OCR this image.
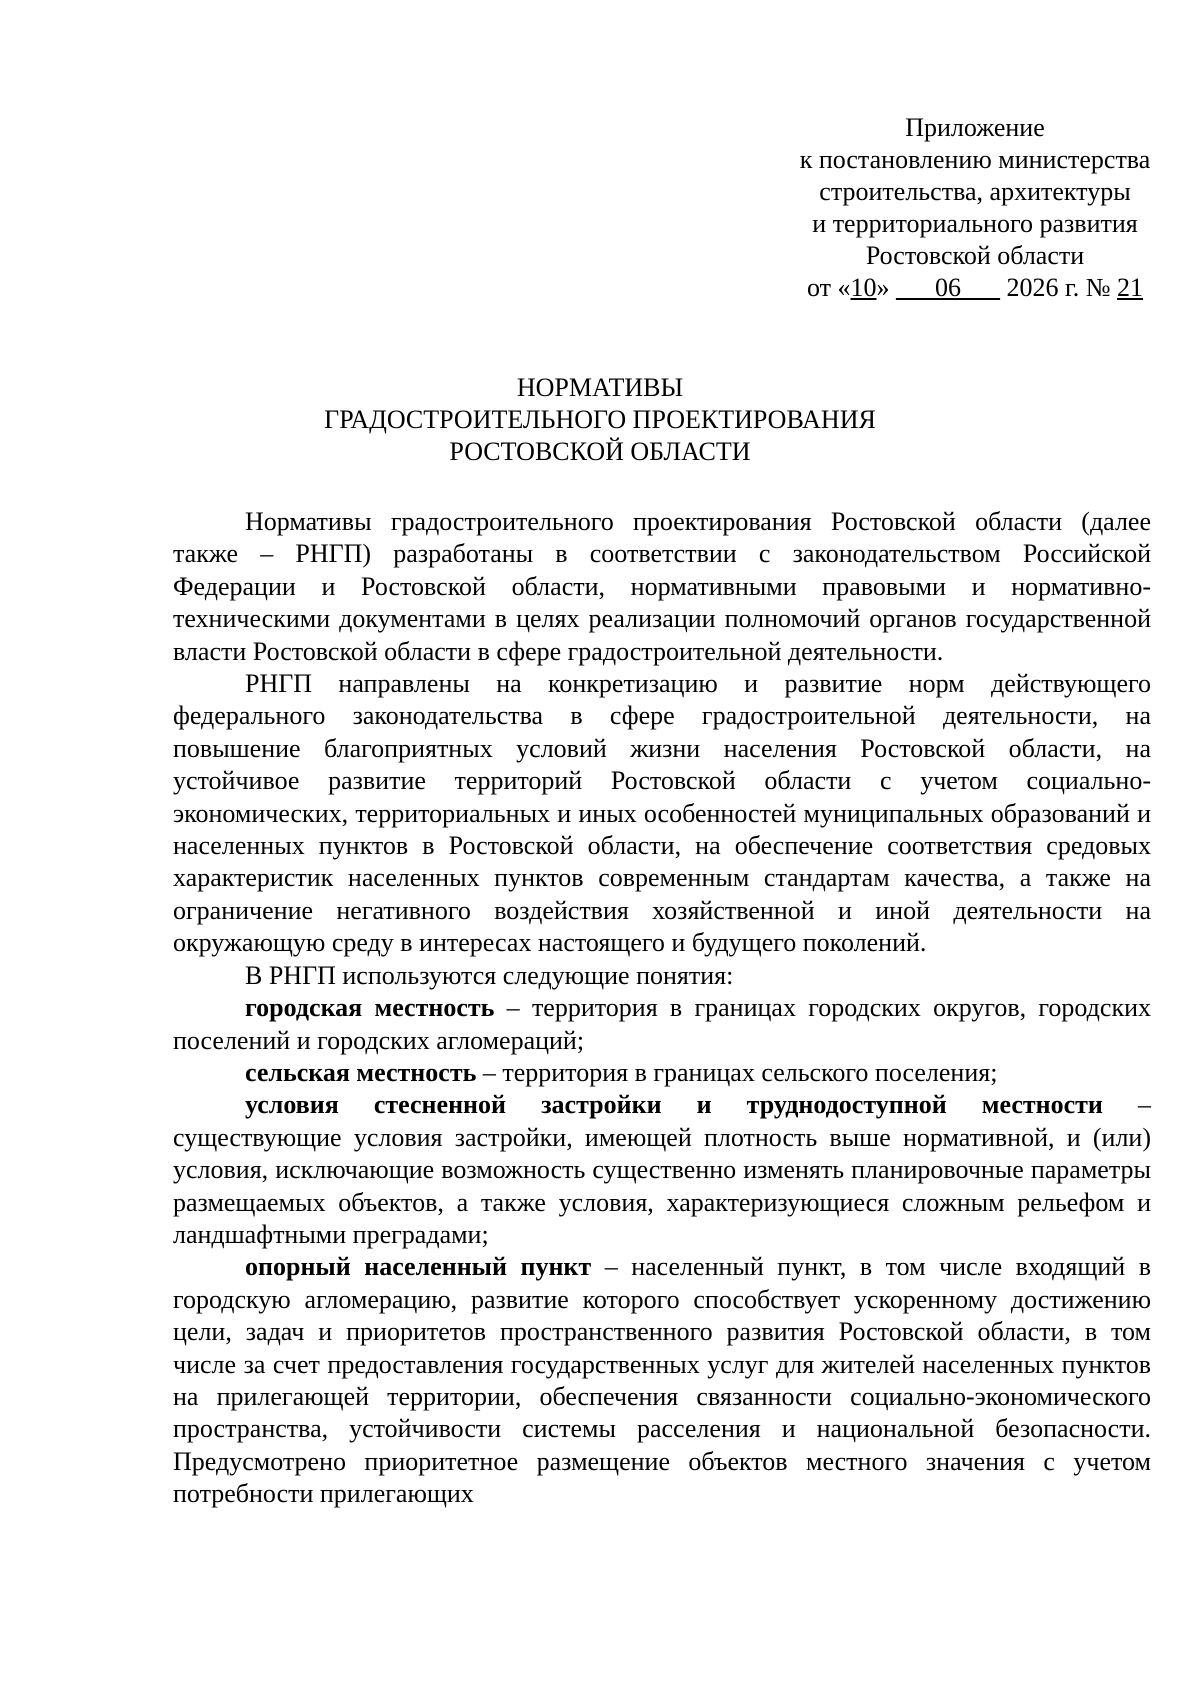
Приложение
к постановлению министерства
строительства, архитектуры
и территориального развития
Ростовской области
от «10» ___06___ 2026 г. № 21
НОРМАТИВЫ
ГРАДОСТРОИТЕЛЬНОГО ПРОЕКТИРОВАНИЯ
РОСТОВСКОЙ ОБЛАСТИ

Нормативы градостроительного проектирования Ростовской области (далее также – РНГП) разработаны в соответствии с законодательством Российской Федерации и Ростовской области, нормативными правовыми и нормативно-техническими документами в целях реализации полномочий органов государственной власти Ростовской области в сфере градостроительной деятельности.

РНГП направлены на конкретизацию и развитие норм действующего федерального законодательства в сфере градостроительной деятельности, на повышение благоприятных условий жизни населения Ростовской области, на устойчивое развитие территорий Ростовской области с учетом социально-экономических, территориальных и иных особенностей муниципальных образований и населенных пунктов в Ростовской области, на обеспечение соответствия средовых характеристик населенных пунктов современным стандартам качества, а также на ограничение негативного воздействия хозяйственной и иной деятельности на окружающую среду в интересах настоящего и будущего поколений.

В РНГП используются следующие понятия:

городская местность – территория в границах городских округов, городских поселений и городских агломераций;

сельская местность – территория в границах сельского поселения;

условия стесненной застройки и труднодоступной местности – существующие условия застройки, имеющей плотность выше нормативной, и (или) условия, исключающие возможность существенно изменять планировочные параметры размещаемых объектов, а также условия, характеризующиеся сложным рельефом и ландшафтными преградами;

опорный населенный пункт – населенный пункт, в том числе входящий в городскую агломерацию, развитие которого способствует ускоренному достижению цели, задач и приоритетов пространственного развития Ростовской области, в том числе за счет предоставления государственных услуг для жителей населенных пунктов на прилегающей территории, обеспечения связанности социально-экономического пространства, устойчивости системы расселения и национальной безопасности. Предусмотрено приоритетное размещение объектов местного значения с учетом потребности прилегающих
